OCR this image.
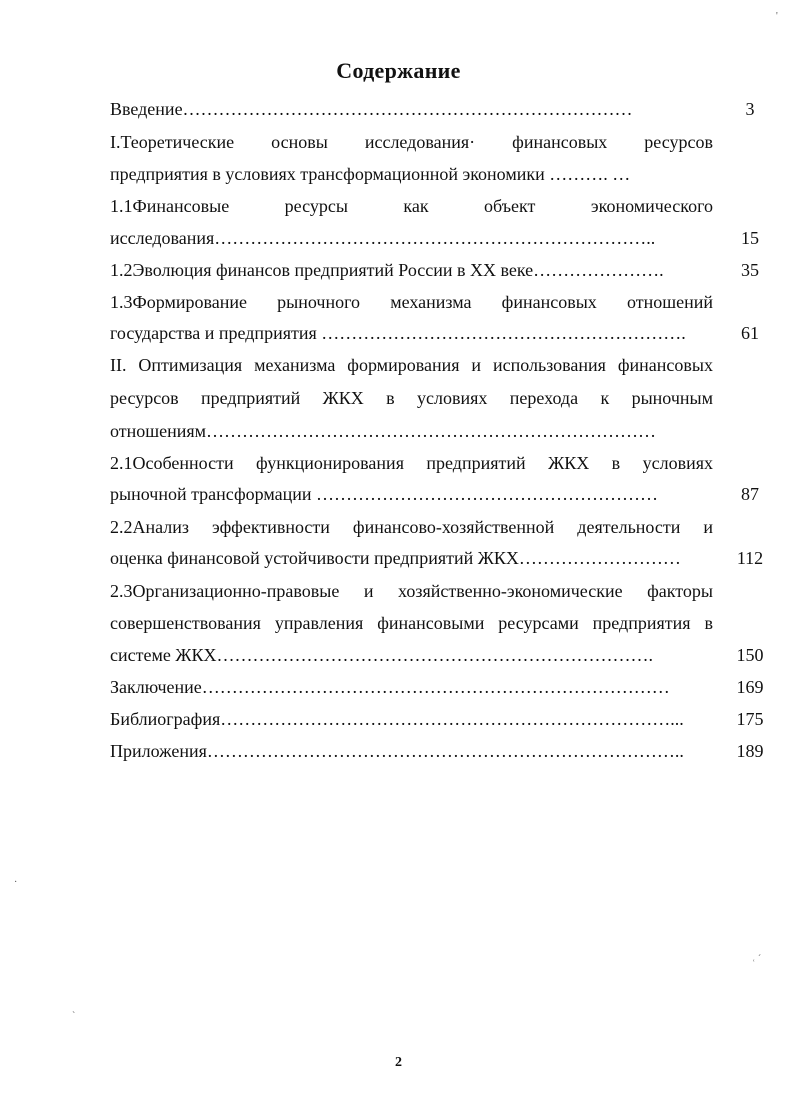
Содержание
Введение…………………………………………………………………	3
I.Теоретические основы исследования· финансовых ресурсов
предприятия в условиях трансформационной экономики ………. …
1.1Финансовые ресурсы как объект экономического
исследования………………………………………………………………..	15
1.2Эволюция финансов предприятий России в XX веке………………….	35
1.3Формирование рыночного механизма финансовых отношений
государства и предприятия …………………………………………………….	61
II. Оптимизация механизма формирования и использования финансовых
ресурсов предприятий ЖКХ в условиях перехода к рыночным
отношениям…………………………………………………………………
2.1Особенности функционирования предприятий ЖКХ в условиях
рыночной трансформации …………………………………………………	87
2.2Анализ эффективности финансово-хозяйственной деятельности и
оценка финансовой устойчивости предприятий ЖКХ………………………	112
2.3Организационно-правовые и хозяйственно-экономические факторы
совершенствования управления финансовыми ресурсами предприятия в
системе ЖКХ……………………………………………………………….	150
Заключение……………………………………………………………………	169
Библиография…………………………………………………………………...	175
Приложения……………………………………………………………………..	189
2
'
·
˓ ˊ
ˋ
